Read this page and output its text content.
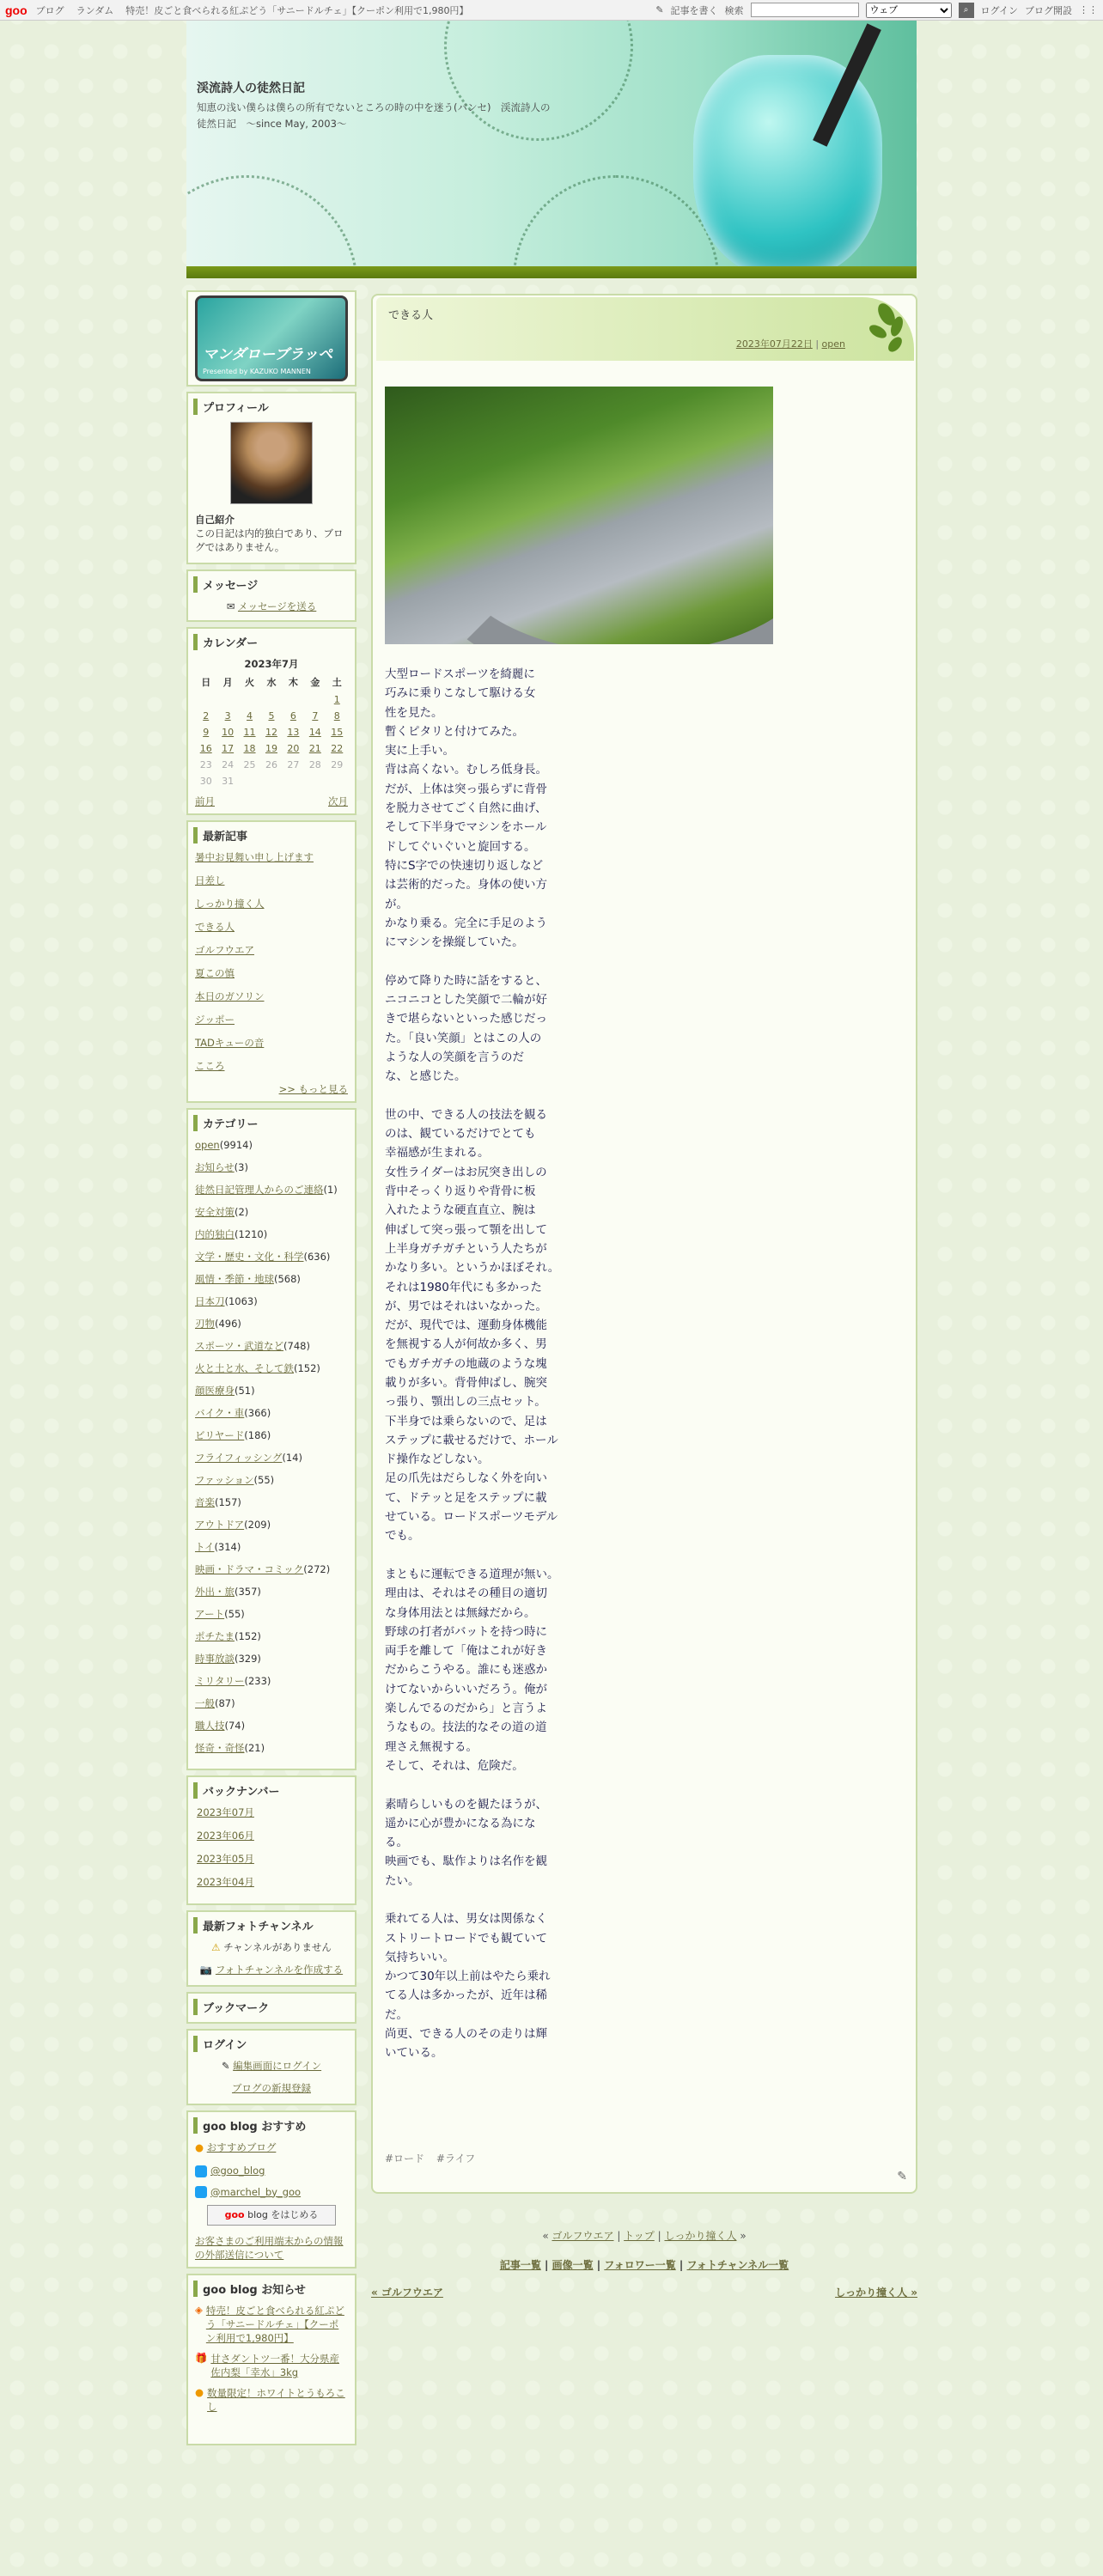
goo ブログ ランダム 特売！皮ごと食べられる紅ぷどう「サニードルチェ」【クーポン利用で1,980円】	✎ 記事を書く 検索
ウェブ	⌕	ログイン ブログ開設 ⋮⋮
渓流詩人の徒然日記
知恵の浅い僕らは僕らの所有でないところの時の中を迷う(パンセ)　渓流詩人の徒然日記　～since May, 2003～
マンダローブラッペ
Presented by KAZUKO MANNEN
プロフィール
自己紹介
この日記は内的独白であり、ブログではありません。
メッセージ
✉ メッセージを送る
カレンダー
2023年7月
日	月	火	水	木	金	土
						1
2	3	4	5	6	7	8
9	10	11	12	13	14	15
16	17	18	19	20	21	22
23	24	25	26	27	28	29
30	31					
前月	次月
最新記事
暑中お見舞い申し上げます
日差し
しっかり撞く人
できる人
ゴルフウエア
夏この慎
本日のガソリン
ジッポー
TADキューの音
こころ
>> もっと見る
カテゴリー
open(9914)
お知らせ(3)
徒然日記管理人からのご連絡(1)
安全対策(2)
内的独白(1210)
文学・歴史・文化・科学(636)
風情・季節・地球(568)
日本刀(1063)
刃物(496)
スポーツ・武道など(748)
火と土と水、そして鉄(152)
顔医療身(51)
バイク・車(366)
ビリヤード(186)
フライフィッシング(14)
ファッション(55)
音楽(157)
アウトドア(209)
トイ(314)
映画・ドラマ・コミック(272)
外出・旅(357)
アート(55)
ポチたま(152)
時事放談(329)
ミリタリー(233)
一般(87)
職人技(74)
怪奇・奇怪(21)
バックナンバー
2023年07月
2023年06月
2023年05月
2023年04月
最新フォトチャンネル
⚠ チャンネルがありません
📷 フォトチャンネルを作成する
ブックマーク
ログイン
✎ 編集画面にログイン
ブログの新規登録
goo blog おすすめ
● おすすめブログ
@goo_blog
@marchel_by_goo
goo blog をはじめる
お客さまのご利用端末からの情報の外部送信について
goo blog お知らせ
◈ 特売！皮ごと食べられる紅ぷどう「サニードルチェ」【クーポン利用で1,980円】
🎁 甘さダントツ一番！大分県産佐内梨「幸水」3kg
● 数量限定！ホワイトとうもろこし
できる人
2023年07月22日 | open
大型ロードスポーツを綺麗に
巧みに乗りこなして駆ける女
性を見た。
暫くピタリと付けてみた。
実に上手い。
背は高くない。むしろ低身長。
だが、上体は突っ張らずに背骨
を脱力させてごく自然に曲げ、
そして下半身でマシンをホール
ドしてぐいぐいと旋回する。
特にS字での快速切り返しなど
は芸術的だった。身体の使い方
が。
かなり乗る。完全に手足のよう
にマシンを操縦していた。

停めて降りた時に話をすると、
ニコニコとした笑顔で二輪が好
きで堪らないといった感じだっ
た。「良い笑顔」とはこの人の
ような人の笑顔を言うのだ
な、と感じた。

世の中、できる人の技法を観る
のは、観ているだけでとても
幸福感が生まれる。
女性ライダーはお尻突き出しの
背中そっくり返りや背骨に板
入れたような硬直直立、腕は
伸ばして突っ張って顎を出して
上半身ガチガチという人たちが
かなり多い。というかほぼそれ。
それは1980年代にも多かった
が、男ではそれはいなかった。
だが、現代では、運動身体機能
を無視する人が何故か多く、男
でもガチガチの地蔵のような塊
載りが多い。背骨伸ばし、腕突
っ張り、顎出しの三点セット。
下半身では乗らないので、足は
ステップに載せるだけで、ホール
ド操作などしない。
足の爪先はだらしなく外を向い
て、ドテッと足をステップに載
せている。ロードスポーツモデル
でも。

まともに運転できる道理が無い。
理由は、それはその種目の適切
な身体用法とは無縁だから。
野球の打者がバットを持つ時に
両手を離して「俺はこれが好き
だからこうやる。誰にも迷惑か
けてないからいいだろう。俺が
楽しんでるのだから」と言うよ
うなもの。技法的なその道の道
理さえ無視する。
そして、それは、危険だ。

素晴らしいものを観たほうが、
遥かに心が豊かになる為にな
る。
映画でも、駄作よりは名作を観
たい。

乗れてる人は、男女は関係なく
ストリートロードでも観ていて
気持ちいい。
かつて30年以上前はやたら乗れ
てる人は多かったが、近年は稀
だ。
尚更、できる人のその走りは輝
いている。
#ロード #ライフ
✎
« ゴルフウエア | トップ | しっかり撞く人 »
記事一覧 | 画像一覧 | フォロワー一覧 | フォトチャンネル一覧
« ゴルフウエア	しっかり撞く人 »
